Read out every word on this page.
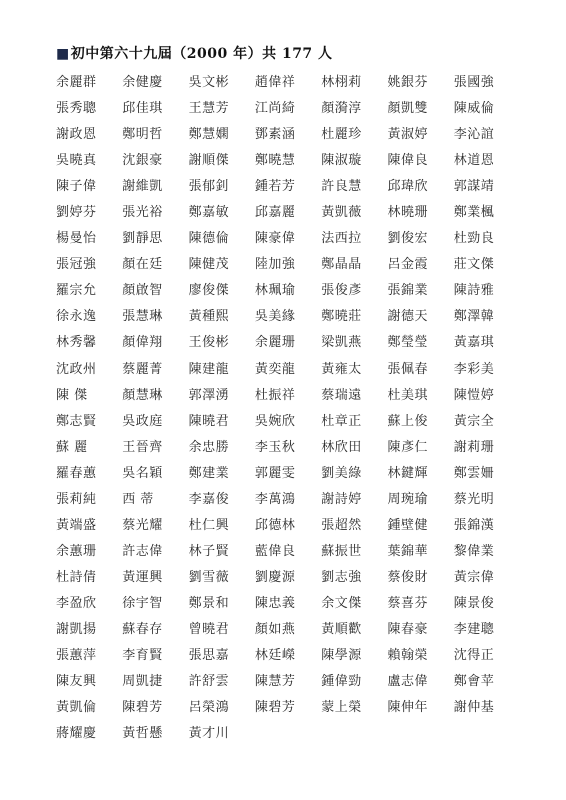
■初中第六十九屆（2000 年）共 177 人
余麗群	余健慶	吳文彬	趙偉祥	林栩莉	姚銀芬	張國強
張秀聰	邱佳琪	王慧芳	江尚綺	顏漪淳	顏凱雙	陳威倫
謝政恩	鄭明哲	鄭慧嫻	鄧素涵	杜麗珍	黃淑婷	李沁誼
吳曉真	沈銀豪	謝順傑	鄭曉慧	陳淑璇	陳偉良	林道恩
陳子偉	謝維凱	張郁釗	鍾若芳	許良慧	邱瑋欣	郭謀靖
劉婷芬	張光裕	鄭嘉敏	邱嘉麗	黃凱薇	林曉珊	鄭業楓
楊曼怡	劉靜思	陳德倫	陳豪偉	法西拉	劉俊宏	杜勁良
張冠強	顏在廷	陳健茂	陸加強	鄭晶晶	呂金霞	莊文傑
羅宗允	顏啟智	廖俊傑	林珮瑜	張俊彥	張錦業	陳詩雅
徐永逸	張慧琳	黃種熙	吳美緣	鄭曉莊	謝德天	鄭澤韓
林秀馨	顏偉翔	王俊彬	余麗珊	梁凱燕	鄭瑩瑩	黃嘉琪
沈政州	蔡麗菁	陳建龍	黃奕龍	黃雍太	張佩春	李彩美
陳 傑	顏慧琳	郭澤湧	杜振祥	蔡瑞遠	杜美琪	陳愷婷
鄭志賢	吳政庭	陳曉君	吳婉欣	杜章正	蘇上俊	黃宗全
蘇 麗	王晉齊	余忠勝	李玉秋	林欣田	陳彥仁	謝莉珊
羅春蕙	吳名穎	鄭建業	郭麗雯	劉美綠	林鍵輝	鄭雲姍
張莉純	西 蒂	李嘉俊	李萬鴻	謝詩婷	周琬瑜	蔡光明
黃端盛	蔡光耀	杜仁興	邱德林	張超然	鍾壁健	張錦漢
余蕙珊	許志偉	林子賢	藍偉良	蘇振世	葉錦華	黎偉業
杜詩倩	黃運興	劉雪薇	劉慶源	劉志強	蔡俊財	黃宗偉
李盈欣	徐宇智	鄭景和	陳忠義	余文傑	蔡喜芬	陳景俊
謝凱揚	蘇春存	曾曉君	顏如燕	黃順歡	陳春豪	李建聰
張蕙萍	李育賢	張思嘉	林廷嶸	陳學源	賴翰榮	沈得正
陳友興	周凱捷	許舒雲	陳慧芳	鍾偉勁	盧志偉	鄭會苹
黃凱倫	陳碧芳	呂榮鴻	陳碧芳	蒙上榮	陳伸年	謝仲基
蔣耀慶	黃哲懸	黃才川
